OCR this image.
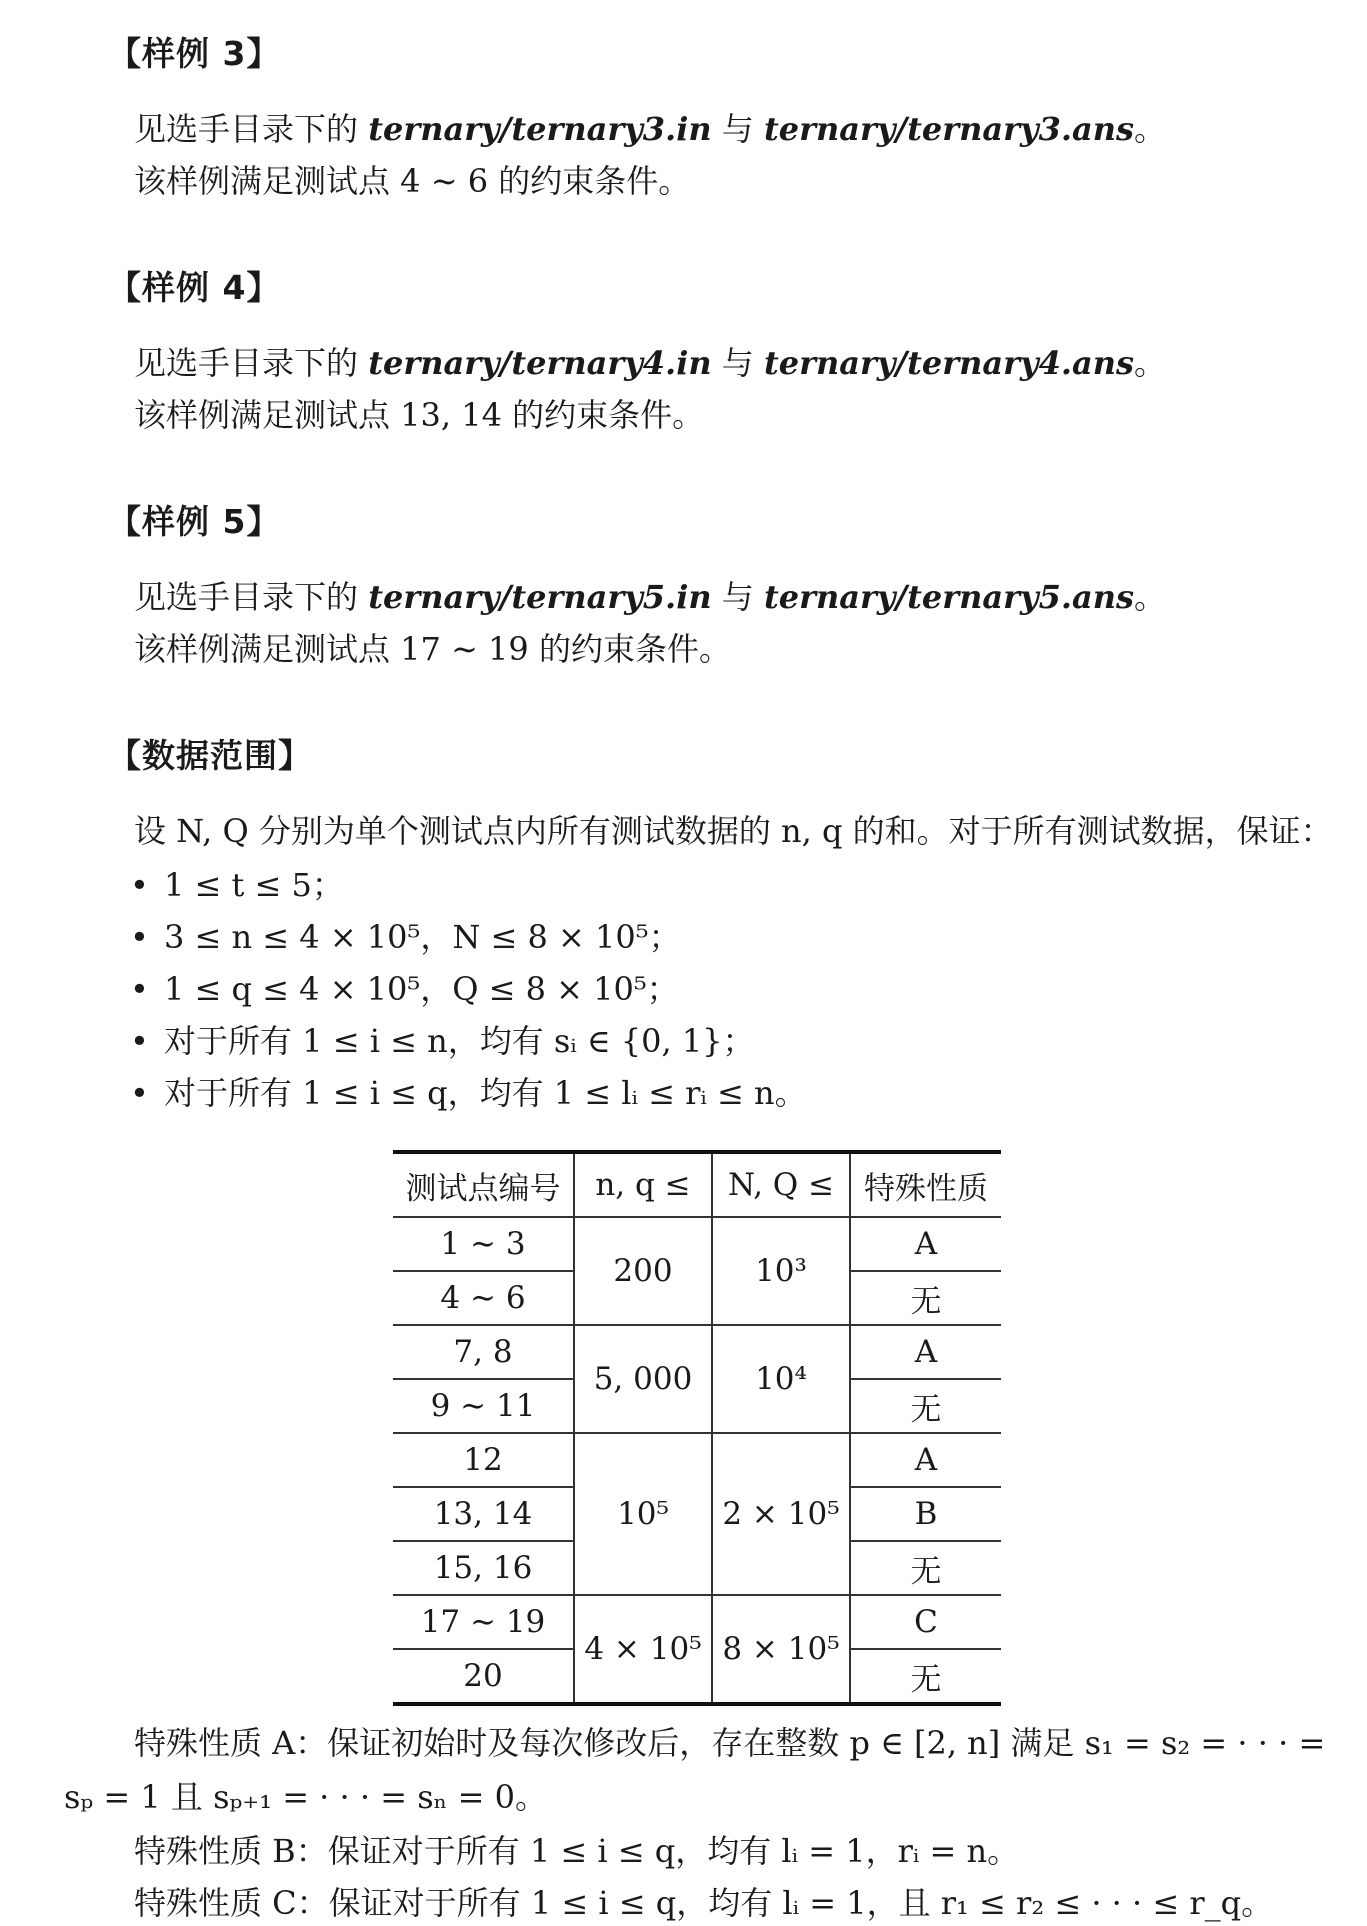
【样例 3】
见选手目录下的 ternary/ternary3.in 与 ternary/ternary3.ans。
该样例满足测试点 4 ∼ 6 的约束条件。
【样例 4】
见选手目录下的 ternary/ternary4.in 与 ternary/ternary4.ans。
该样例满足测试点 13, 14 的约束条件。
【样例 5】
见选手目录下的 ternary/ternary5.in 与 ternary/ternary5.ans。
该样例满足测试点 17 ∼ 19 的约束条件。
【数据范围】
设 N, Q 分别为单个测试点内所有测试数据的 n, q 的和。对于所有测试数据，保证：
• 1 ≤ t ≤ 5；
• 3 ≤ n ≤ 4 × 10⁵，N ≤ 8 × 10⁵；
• 1 ≤ q ≤ 4 × 10⁵，Q ≤ 8 × 10⁵；
• 对于所有 1 ≤ i ≤ n，均有 sᵢ ∈ {0, 1}；
• 对于所有 1 ≤ i ≤ q，均有 1 ≤ lᵢ ≤ rᵢ ≤ n。
测试点编号	n, q ≤	N, Q ≤	特殊性质
1 ∼ 3	200	10³	A
4 ∼ 6			无
7, 8	5, 000	10⁴	A
9 ∼ 11			无
12	10⁵	2 × 10⁵	A
13, 14			B
15, 16			无
17 ∼ 19	4 × 10⁵	8 × 10⁵	C
20			无
特殊性质 A：保证初始时及每次修改后，存在整数 p ∈ [2, n] 满足 s₁ = s₂ = · · · =
sₚ = 1 且 sₚ₊₁ = · · · = sₙ = 0。
特殊性质 B：保证对于所有 1 ≤ i ≤ q，均有 lᵢ = 1，rᵢ = n。
特殊性质 C：保证对于所有 1 ≤ i ≤ q，均有 lᵢ = 1，且 r₁ ≤ r₂ ≤ · · · ≤ r_q。
